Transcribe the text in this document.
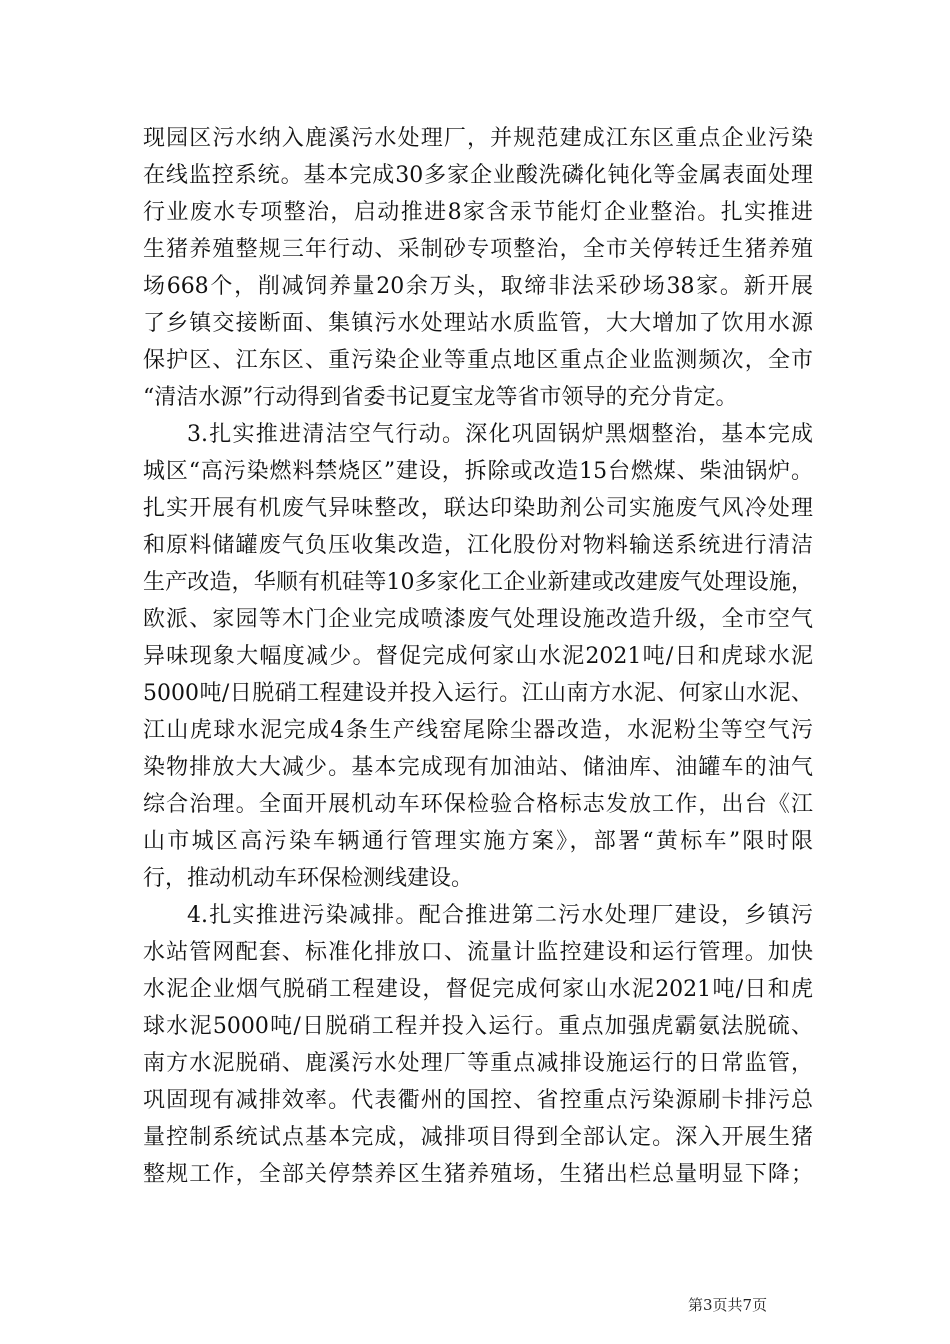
现园区污水纳入鹿溪污水处理厂，并规范建成江东区重点企业污染
在线监控系统。基本完成30多家企业酸洗磷化钝化等金属表面处理
行业废水专项整治，启动推进8家含汞节能灯企业整治。扎实推进
生猪养殖整规三年行动、采制砂专项整治，全市关停转迁生猪养殖
场668个，削减饲养量20余万头，取缔非法采砂场38家。新开展
了乡镇交接断面、集镇污水处理站水质监管，大大增加了饮用水源
保护区、江东区、重污染企业等重点地区重点企业监测频次，全市
“清洁水源”行动得到省委书记夏宝龙等省市领导的充分肯定。
3.扎实推进清洁空气行动。深化巩固锅炉黑烟整治，基本完成
城区“高污染燃料禁烧区”建设，拆除或改造15台燃煤、柴油锅炉。
扎实开展有机废气异味整改，联达印染助剂公司实施废气风冷处理
和原料储罐废气负压收集改造，江化股份对物料输送系统进行清洁
生产改造，华顺有机硅等10多家化工企业新建或改建废气处理设施，
欧派、家园等木门企业完成喷漆废气处理设施改造升级，全市空气
异味现象大幅度减少。督促完成何家山水泥2021吨/日和虎球水泥
5000吨/日脱硝工程建设并投入运行。江山南方水泥、何家山水泥、
江山虎球水泥完成4条生产线窑尾除尘器改造，水泥粉尘等空气污
染物排放大大减少。基本完成现有加油站、储油库、油罐车的油气
综合治理。全面开展机动车环保检验合格标志发放工作，出台《江
山市城区高污染车辆通行管理实施方案》，部署“黄标车”限时限
行，推动机动车环保检测线建设。
4.扎实推进污染减排。配合推进第二污水处理厂建设，乡镇污
水站管网配套、标准化排放口、流量计监控建设和运行管理。加快
水泥企业烟气脱硝工程建设，督促完成何家山水泥2021吨/日和虎
球水泥5000吨/日脱硝工程并投入运行。重点加强虎霸氨法脱硫、
南方水泥脱硝、鹿溪污水处理厂等重点减排设施运行的日常监管，
巩固现有减排效率。代表衢州的国控、省控重点污染源刷卡排污总
量控制系统试点基本完成，减排项目得到全部认定。深入开展生猪
整规工作，全部关停禁养区生猪养殖场，生猪出栏总量明显下降；
第3页共7页
